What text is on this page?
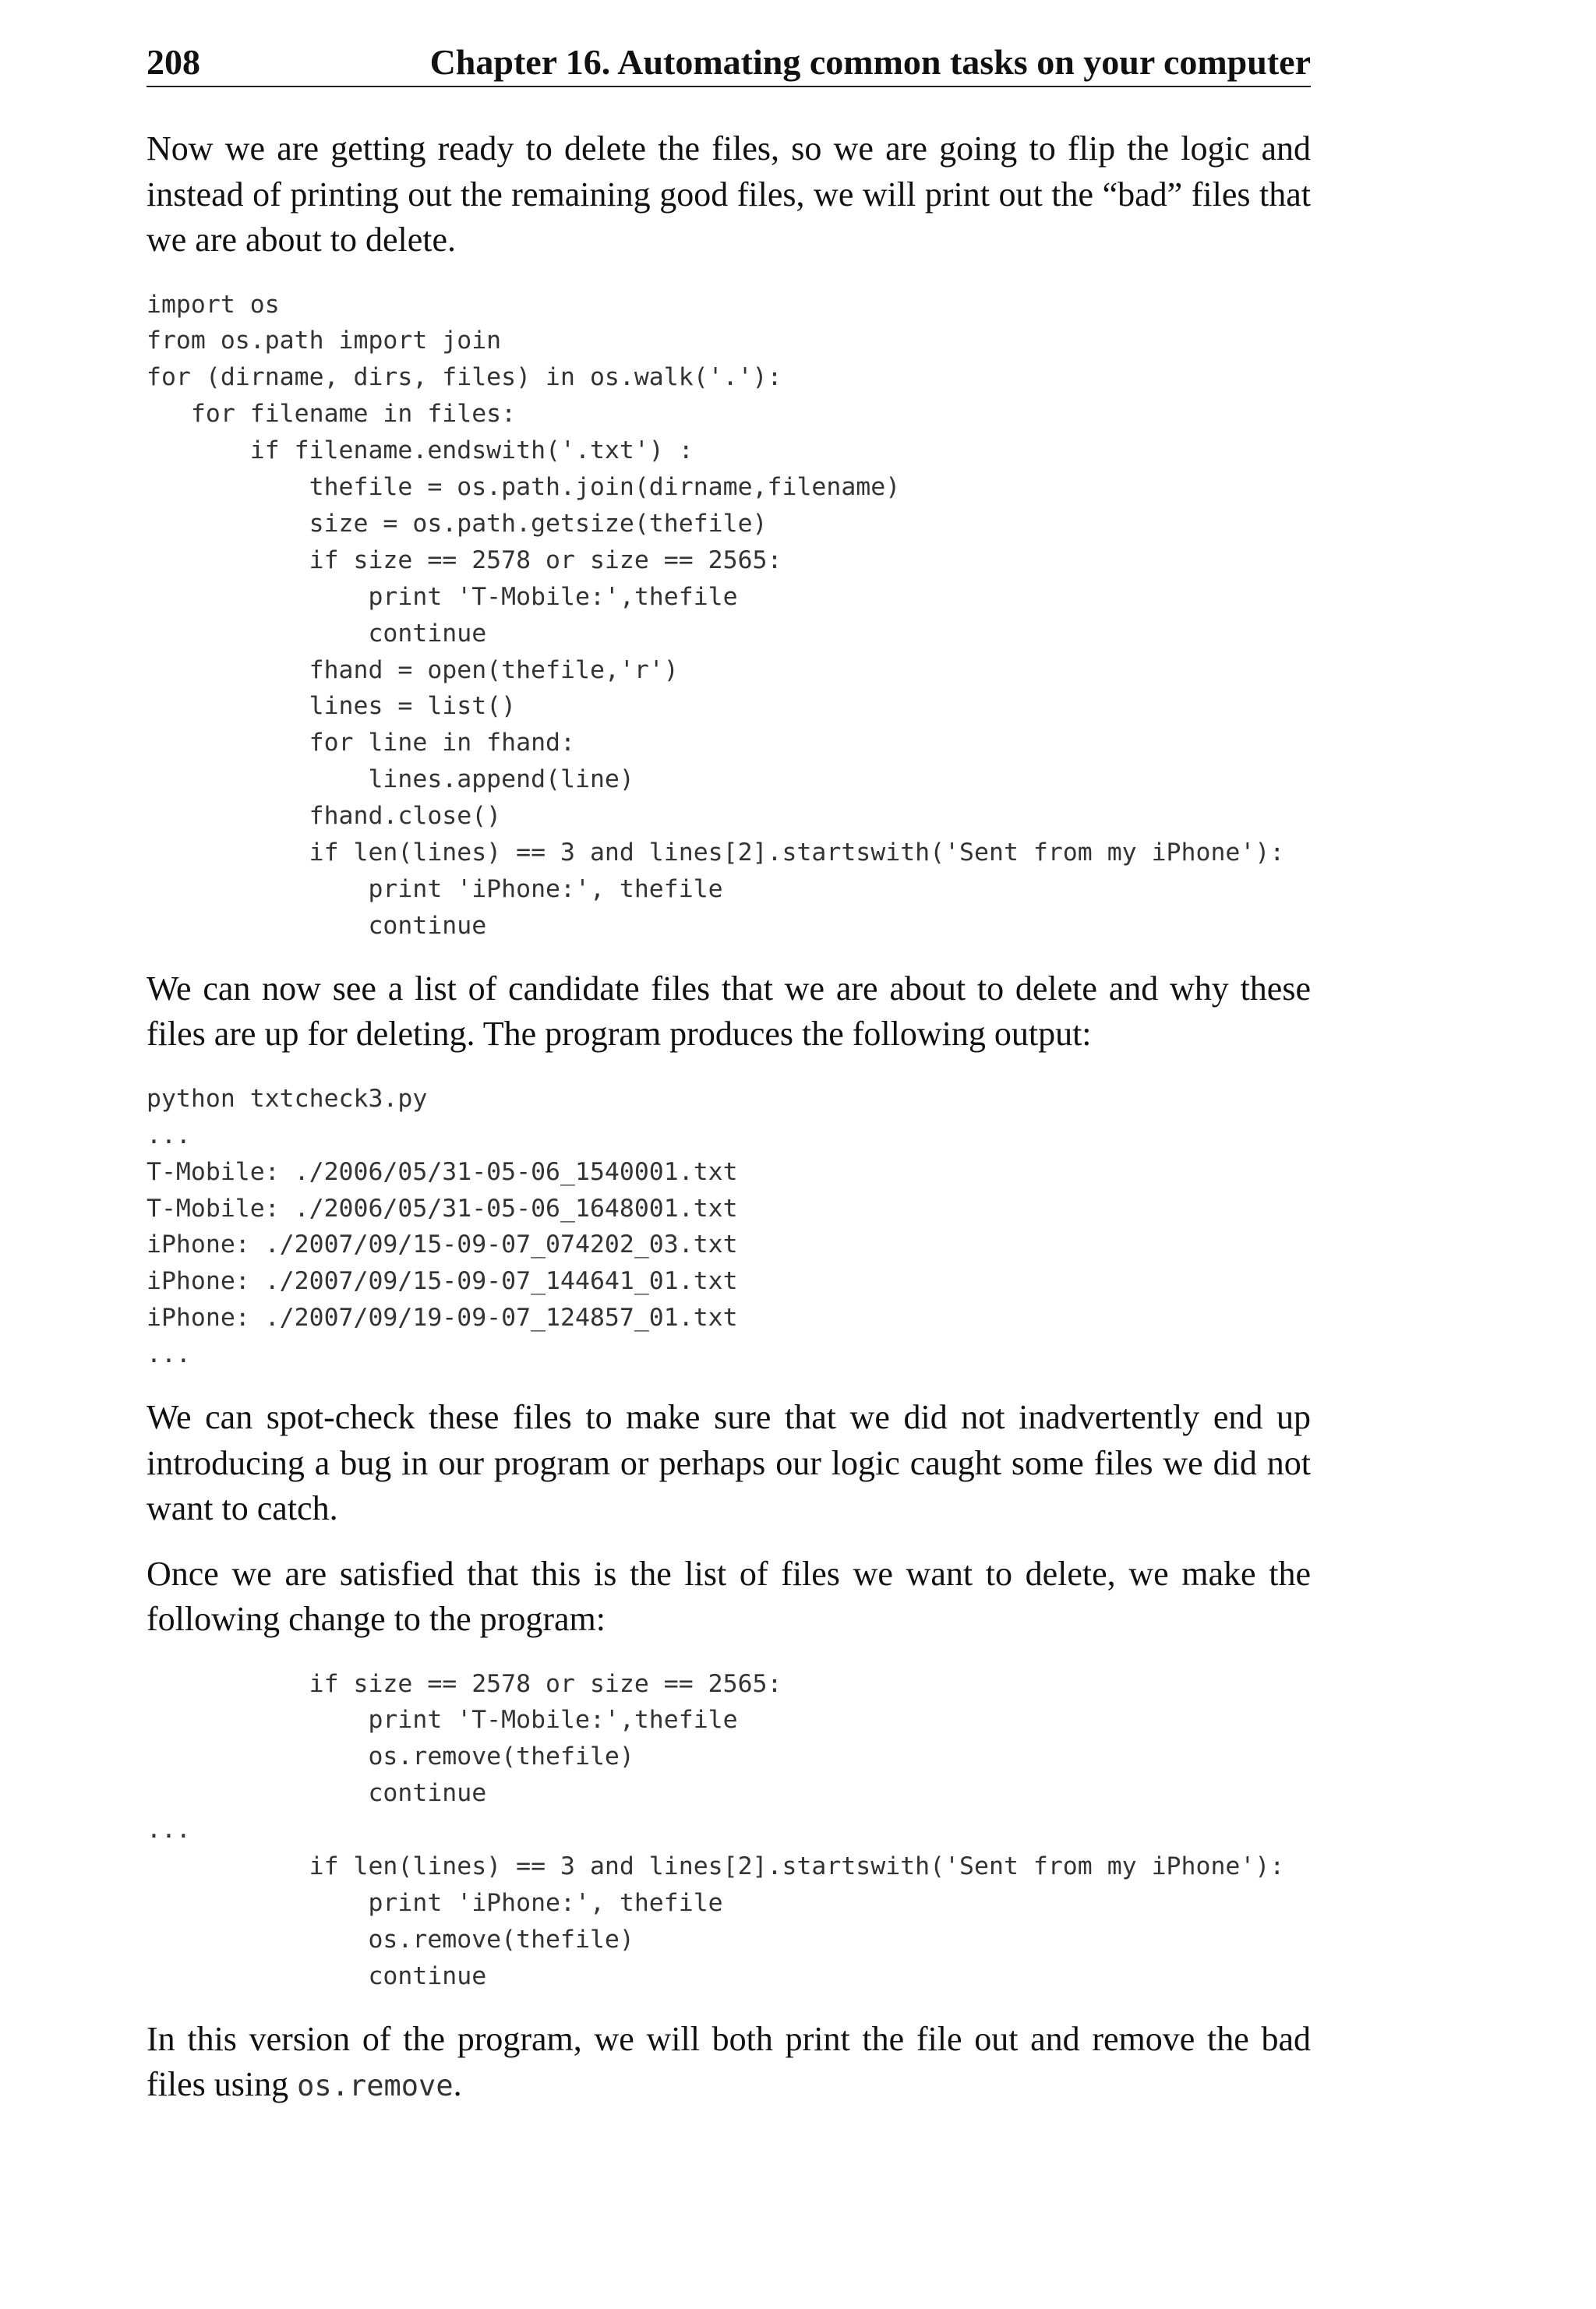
208	Chapter 16. Automating common tasks on your computer

Now we are getting ready to delete the files, so we are going to flip the logic and instead of printing out the remaining good files, we will print out the “bad” files that we are about to delete.

import os
from os.path import join
for (dirname, dirs, files) in os.walk('.'):
for filename in files:
if filename.endswith('.txt') :
thefile = os.path.join(dirname,filename)
size = os.path.getsize(thefile)
if size == 2578 or size == 2565:
print 'T-Mobile:',thefile
continue
fhand = open(thefile,'r')
lines = list()
for line in fhand:
lines.append(line)
fhand.close()
if len(lines) == 3 and lines[2].startswith('Sent from my iPhone'):
print 'iPhone:', thefile
continue

We can now see a list of candidate files that we are about to delete and why these files are up for deleting. The program produces the following output:

python txtcheck3.py
...
T-Mobile: ./2006/05/31-05-06_1540001.txt
T-Mobile: ./2006/05/31-05-06_1648001.txt
iPhone: ./2007/09/15-09-07_074202_03.txt
iPhone: ./2007/09/15-09-07_144641_01.txt
iPhone: ./2007/09/19-09-07_124857_01.txt
...

We can spot-check these files to make sure that we did not inadvertently end up introducing a bug in our program or perhaps our logic caught some files we did not want to catch.

Once we are satisfied that this is the list of files we want to delete, we make the following change to the program:

if size == 2578 or size == 2565:
print 'T-Mobile:',thefile
os.remove(thefile)
continue
...
if len(lines) == 3 and lines[2].startswith('Sent from my iPhone'):
print 'iPhone:', thefile
os.remove(thefile)
continue

In this version of the program, we will both print the file out and remove the bad files using os.remove.
